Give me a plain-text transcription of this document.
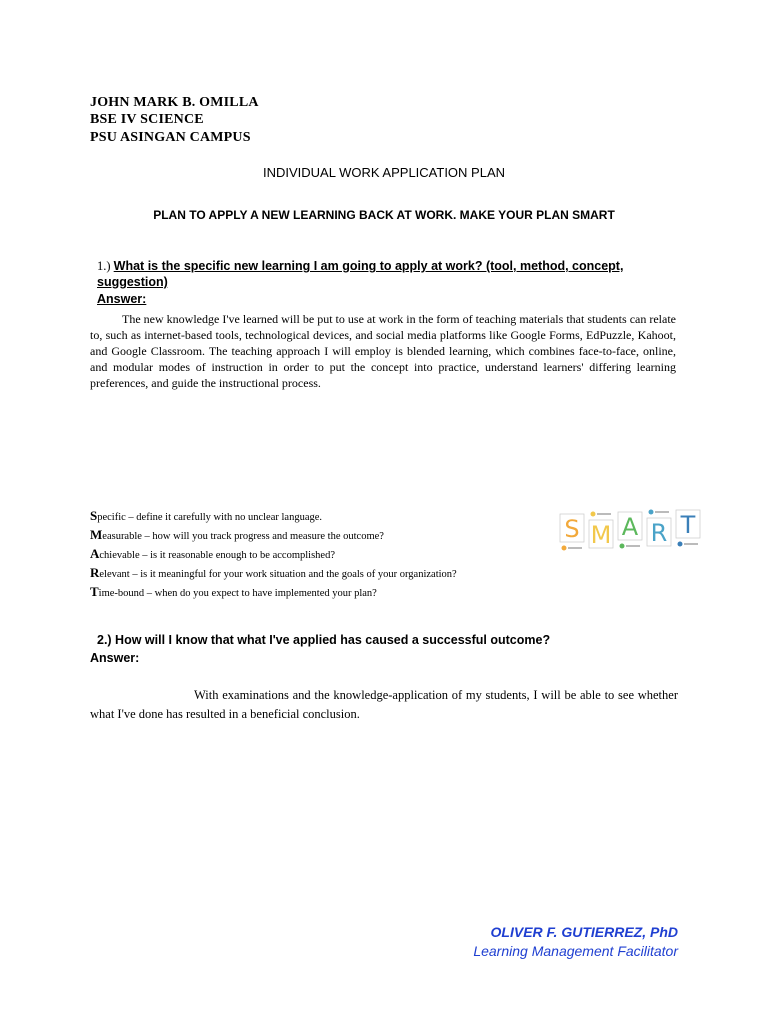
JOHN MARK B. OMILLA
BSE IV SCIENCE
PSU ASINGAN CAMPUS
INDIVIDUAL WORK APPLICATION PLAN
PLAN TO APPLY A NEW LEARNING BACK AT WORK. MAKE YOUR PLAN SMART
1.) What is the specific new learning I am going to apply at work? (tool, method, concept, suggestion)
Answer:
The new knowledge I've learned will be put to use at work in the form of teaching materials that students can relate to, such as internet-based tools, technological devices, and social media platforms like Google Forms, EdPuzzle, Kahoot, and Google Classroom. The teaching approach I will employ is blended learning, which combines face-to-face, online, and modular modes of instruction in order to put the concept into practice, understand learners' differing learning preferences, and guide the instructional process.
Specific – define it carefully with no unclear language.
Measurable – how will you track progress and measure the outcome?
Achievable – is it reasonable enough to be accomplished?
Relevant – is it meaningful for your work situation and the goals of your organization?
Time-bound – when do you expect to have implemented your plan?
S M A R T
2.) How will I know that what I've applied has caused a successful outcome?
Answer:
With examinations and the knowledge-application of my students, I will be able to see whether what I've done has resulted in a beneficial conclusion.
OLIVER F. GUTIERREZ, PhD
Learning Management Facilitator
